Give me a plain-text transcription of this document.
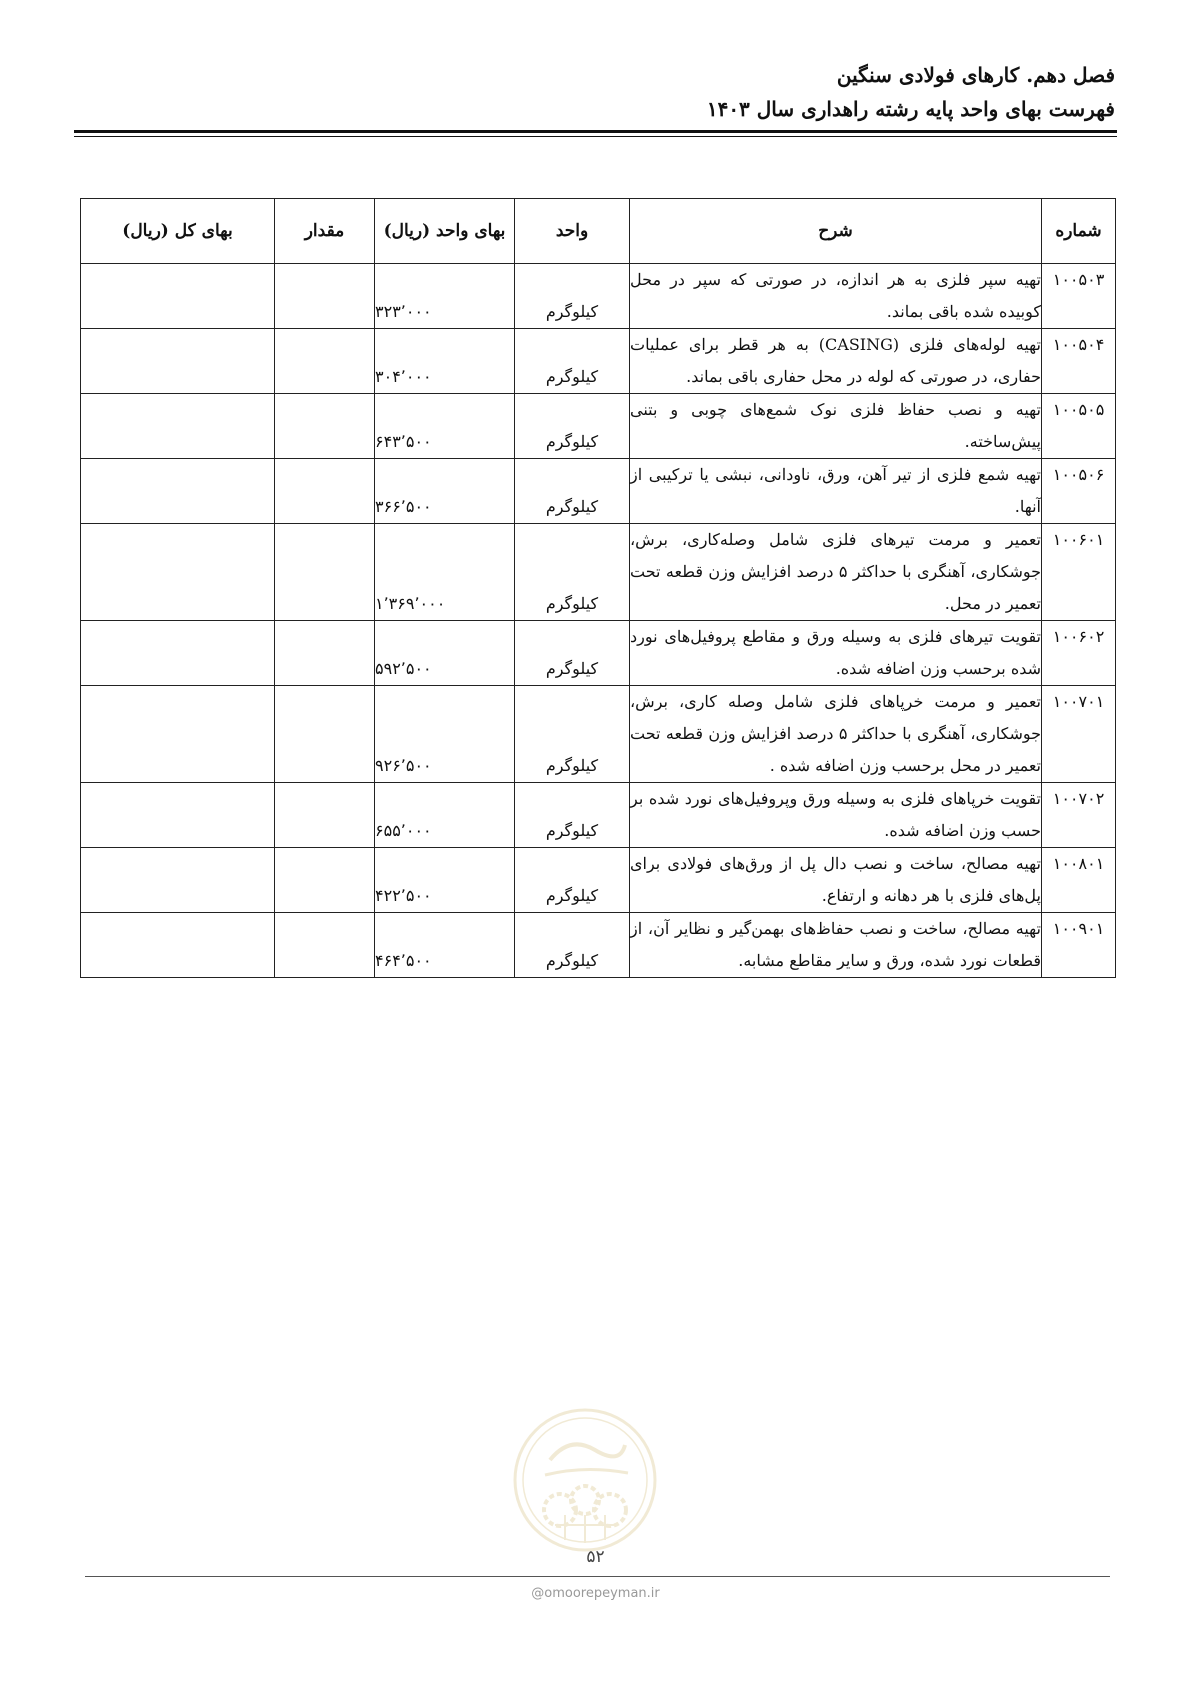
فصل دهم. کارهای فولادی سنگین
فهرست بهای واحد پایه رشته راهداری سال ۱۴۰۳
شماره	شرح	واحد	بهای واحد (ریال)	مقدار	بهای کل (ریال)
۱۰۰۵۰۳	تهیه سپر فلزی به هر اندازه، در صورتی که سپر در محل کوبیده شده باقی بماند.	کیلوگرم	۳۲۳٬۰۰۰		
۱۰۰۵۰۴	تهیه لوله‌های فلزی (CASING) به هر قطر برای عملیات حفاری، در صورتی که لوله در محل حفاری باقی بماند.	کیلوگرم	۳۰۴٬۰۰۰		
۱۰۰۵۰۵	تهیه و نصب حفاظ فلزی نوک شمع‌های چوبی و بتنی پیش‌ساخته.	کیلوگرم	۶۴۳٬۵۰۰		
۱۰۰۵۰۶	تهیه شمع فلزی از تیر آهن، ورق، ناودانی، نبشی یا ترکیبی از آنها.	کیلوگرم	۳۶۶٬۵۰۰		
۱۰۰۶۰۱	تعمیر و مرمت تیرهای فلزی شامل وصله‌کاری، برش، جوشکاری، آهنگری با حداکثر ۵ درصد افزایش وزن قطعه تحت تعمیر در محل.	کیلوگرم	۱٬۳۶۹٬۰۰۰		
۱۰۰۶۰۲	تقویت تیرهای فلزی به وسیله ورق و مقاطع پروفیل‌های نورد شده برحسب وزن اضافه شده.	کیلوگرم	۵۹۲٬۵۰۰		
۱۰۰۷۰۱	تعمیر و مرمت خرپاهای فلزی شامل وصله کاری، برش، جوشکاری، آهنگری با حداکثر ۵ درصد افزایش وزن قطعه تحت تعمیر در محل برحسب وزن اضافه شده .	کیلوگرم	۹۲۶٬۵۰۰		
۱۰۰۷۰۲	تقویت خرپاهای فلزی به وسیله ورق وپروفیل‌های نورد شده بر حسب وزن اضافه شده.	کیلوگرم	۶۵۵٬۰۰۰		
۱۰۰۸۰۱	تهیه مصالح، ساخت و نصب دال پل از ورق‌های فولادی برای پل‌های فلزی با هر دهانه و ارتفاع.	کیلوگرم	۴۲۲٬۵۰۰		
۱۰۰۹۰۱	تهیه مصالح، ساخت و نصب حفاظ‌های بهمن‌گیر و نظایر آن، از قطعات نورد شده، ورق و سایر مقاطع مشابه.	کیلوگرم	۴۶۴٬۵۰۰		
۵۲
@omoorepeyman.ir
